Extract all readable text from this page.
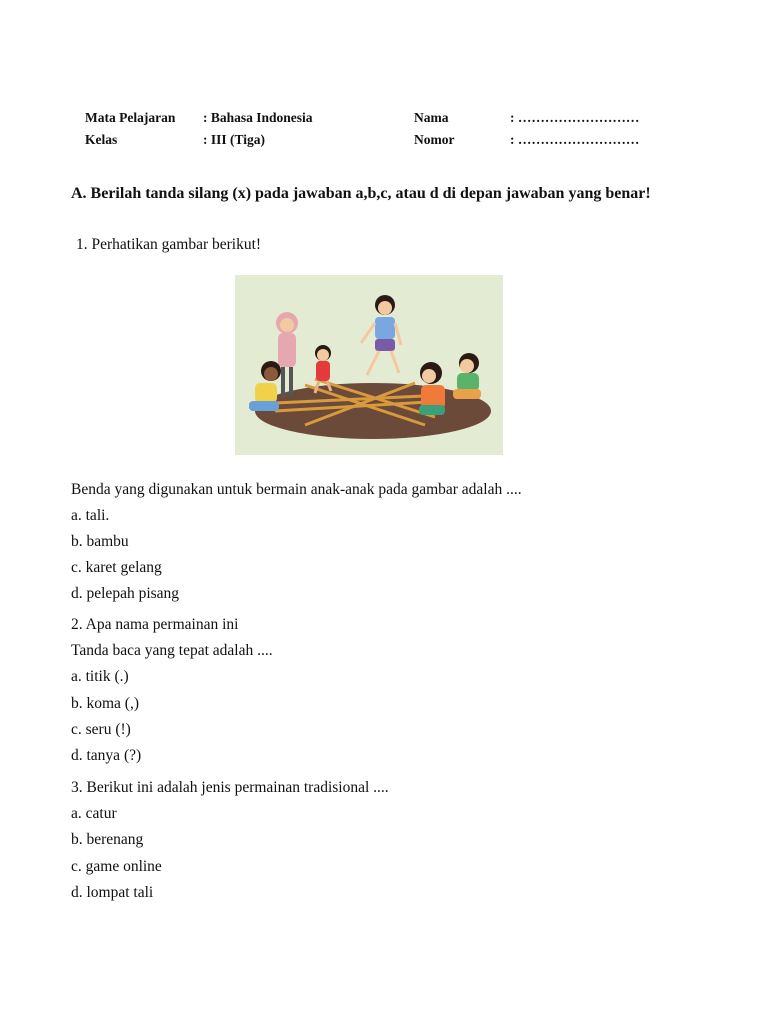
Mata Pelajaran : Bahasa Indonesia	Nama	: ………………………
Kelas	: III (Tiga)	Nomor	: ………………………
A. Berilah tanda silang (x) pada jawaban a,b,c, atau d di depan jawaban yang benar!
1. Perhatikan gambar berikut!
Benda yang digunakan untuk bermain anak-anak pada gambar adalah ....
a. tali.
b. bambu
c. karet gelang
d. pelepah pisang
2. Apa nama permainan ini
Tanda baca yang tepat adalah ....
a. titik (.)
b. koma (,)
c. seru (!)
d. tanya (?)
3. Berikut ini adalah jenis permainan tradisional ....
a. catur
b. berenang
c. game online
d. lompat tali
